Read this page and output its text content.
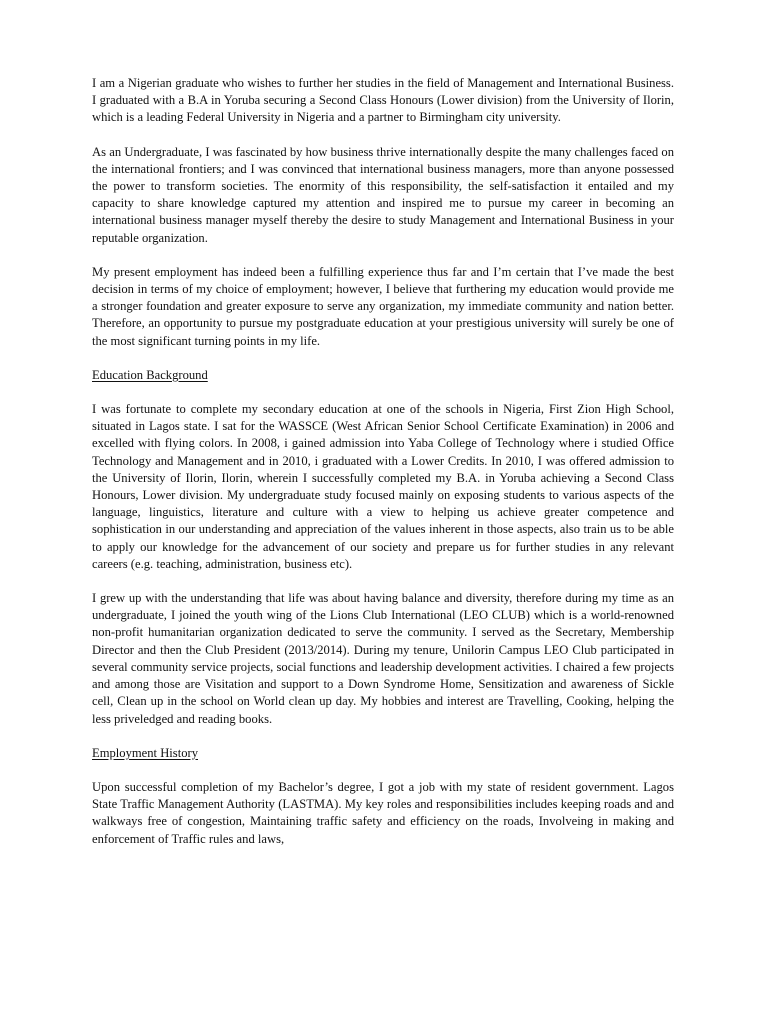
I am a Nigerian graduate who wishes to further her studies in the field of Management and International Business. I graduated with a B.A in Yoruba securing a Second Class Honours (Lower division) from the University of Ilorin, which is a leading Federal University in Nigeria and a partner to Birmingham city university.

As an Undergraduate, I was fascinated by how business thrive internationally despite the many challenges faced on the international frontiers; and I was convinced that international business managers, more than anyone possessed the power to transform societies. The enormity of this responsibility, the self-satisfaction it entailed and my capacity to share knowledge captured my attention and inspired me to pursue my career in becoming an international business manager myself thereby the desire to study Management and International Business in your reputable organization.

My present employment has indeed been a fulfilling experience thus far and I’m certain that I’ve made the best decision in terms of my choice of employment; however, I believe that furthering my education would provide me a stronger foundation and greater exposure to serve any organization, my immediate community and nation better. Therefore, an opportunity to pursue my postgraduate education at your prestigious university will surely be one of the most significant turning points in my life.

Education Background

I was fortunate to complete my secondary education at one of the schools in Nigeria, First Zion High School, situated in Lagos state. I sat for the WASSCE (West African Senior School Certificate Examination) in 2006 and excelled with flying colors. In 2008, i gained admission into Yaba College of Technology where i studied Office Technology and Management and in 2010, i graduated with a Lower Credits. In 2010, I was offered admission to the University of Ilorin, Ilorin, wherein I successfully completed my B.A. in Yoruba achieving a Second Class Honours, Lower division. My undergraduate study focused mainly on exposing students to various aspects of the language, linguistics, literature and culture with a view to helping us achieve greater competence and sophistication in our understanding and appreciation of the values inherent in those aspects, also train us to be able to apply our knowledge for the advancement of our society and prepare us for further studies in any relevant careers (e.g. teaching, administration, business etc).

I grew up with the understanding that life was about having balance and diversity, therefore during my time as an undergraduate, I joined the youth wing of the Lions Club International (LEO CLUB) which is a world-renowned non-profit humanitarian organization dedicated to serve the community. I served as the Secretary, Membership Director and then the Club President (2013/2014). During my tenure, Unilorin Campus LEO Club participated in several community service projects, social functions and leadership development activities. I chaired a few projects and among those are Visitation and support to a Down Syndrome Home, Sensitization and awareness of Sickle cell, Clean up in the school on World clean up day. My hobbies and interest are Travelling, Cooking, helping the less priveledged and reading books.

Employment History

Upon successful completion of my Bachelor’s degree, I got a job with my state of resident government. Lagos State Traffic Management Authority (LASTMA). My key roles and responsibilities includes keeping roads and and walkways free of congestion, Maintaining traffic safety and efficiency on the roads, Involveing in making and enforcement of Traffic rules and laws,
